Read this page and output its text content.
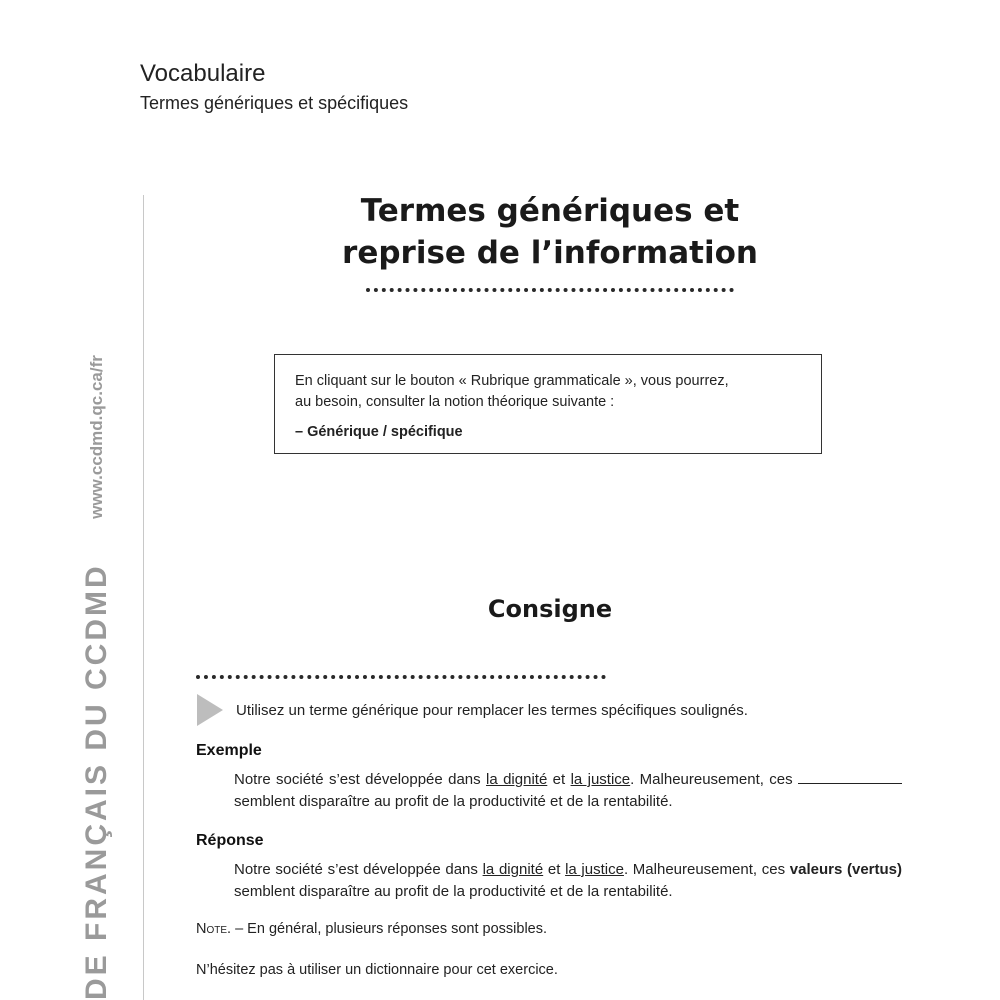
Vocabulaire
Termes génériques et spécifiques
DE FRANÇAIS DU CCDMD www.ccdmd.qc.ca/fr
Termes génériques et
reprise de l’information
En cliquant sur le bouton « Rubrique grammaticale », vous pourrez,
au besoin, consulter la notion théorique suivante :
– Générique / spécifique
Consigne
Utilisez un terme générique pour remplacer les termes spécifiques soulignés.
Exemple
Notre société s’est développée dans la dignité et la justice. Malheureusement, ces  semblent disparaître au profit de la productivité et de la rentabilité.
Réponse
Notre société s’est développée dans la dignité et la justice. Malheureusement, ces valeurs (vertus) semblent disparaître au profit de la productivité et de la rentabilité.
Note. – En général, plusieurs réponses sont possibles.
N’hésitez pas à utiliser un dictionnaire pour cet exercice.
